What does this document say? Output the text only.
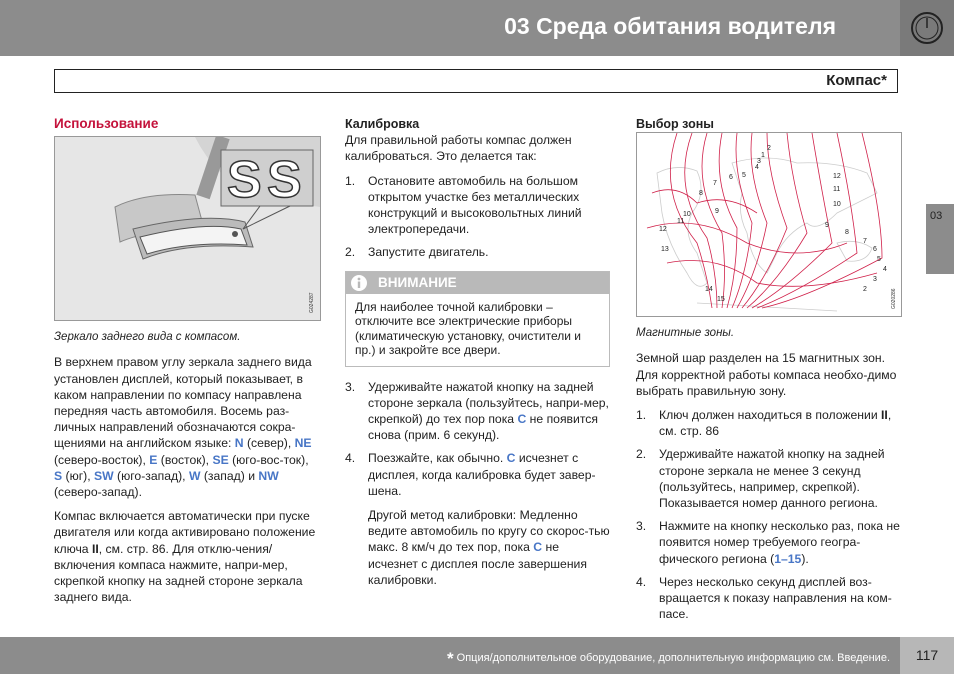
03 Среда обитания водителя
Компас*
Использование
S S
G024287
Зеркало заднего вида с компасом.

В верхнем правом углу зеркала заднего вида установлен дисплей, который показывает, в каком направлении по компасу направлена передняя часть автомобиля. Восемь раз-личных направлений обозначаются сокра-щениями на английском языке: N (север), NE (северо-восток), E (восток), SE (юго-вос-ток), S (юг), SW (юго-запад), W (запад) и NW (северо-запад).

Компас включается автоматически при пуске двигателя или когда активировано положение ключа II, см. стр. 86. Для отклю-чения/включения компаса нажмите, напри-мер, скрепкой кнопку на задней стороне зеркала заднего вида.

Калибровка

Для правильной работы компас должен калиброваться. Это делается так:

1. Остановите автомобиль на большом открытом участке без металлических конструкций и высоковольтных линий электропередачи.
2. Запустите двигатель.
ВНИМАНИЕ
Для наиболее точной калибровки – отключите все электрические приборы (климатическую установку, очистители и пр.) и закройте все двери.
3. Удерживайте нажатой кнопку на задней стороне зеркала (пользуйтесь, напри-мер, скрепкой) до тех пор пока C не появится снова (прим. 6 секунд).
4. Поезжайте, как обычно. C исчезнет с дисплея, когда калибровка будет завер-шена.
Другой метод калибровки: Медленно ведите автомобиль по кругу со скорос-тью макс. 8 км/ч до тех пор, пока C не исчезнет с дисплея после завершения калибровки.
Выбор зоны
1
2
3
4
5
6
7
8
9
10
11
12
13
14
15
12
11
10
9
8
7
6
5
4
3
2	G020286
Магнитные зоны.

Земной шар разделен на 15 магнитных зон. Для корректной работы компаса необхо-димо выбрать правильную зону.

1. Ключ должен находиться в положении II, см. стр. 86
2. Удерживайте нажатой кнопку на задней стороне зеркала не менее 3 секунд (пользуйтесь, например, скрепкой). Показывается номер данного региона.
3. Нажмите на кнопку несколько раз, пока не появится номер требуемого геогра-фического региона (1–15).
4. Через несколько секунд дисплей воз-вращается к показу направления на ком-пасе.
03
* Опция/дополнительное оборудование, дополнительную информацию см. Введение.	117
